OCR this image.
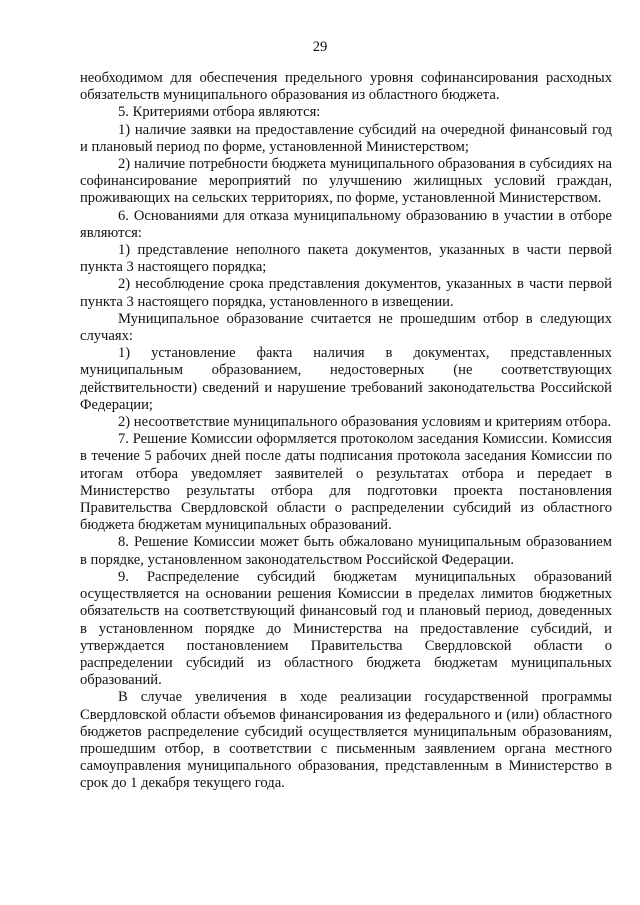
29

необходимом для обеспечения предельного уровня софинансирования расходных обязательств муниципального образования из областного бюджета.

5. Критериями отбора являются:

1) наличие заявки на предоставление субсидий на очередной финансовый год и плановый период по форме, установленной Министерством;

2) наличие потребности бюджета муниципального образования в субсидиях на софинансирование мероприятий по улучшению жилищных условий граждан, проживающих на сельских территориях, по форме, установленной Министерством.

6. Основаниями для отказа муниципальному образованию в участии в отборе являются:

1) представление неполного пакета документов, указанных в части первой пункта 3 настоящего порядка;

2) несоблюдение срока представления документов, указанных в части первой пункта 3 настоящего порядка, установленного в извещении.

Муниципальное образование считается не прошедшим отбор в следующих случаях:

1) установление факта наличия в документах, представленных муниципальным образованием, недостоверных (не соответствующих действительности) сведений и нарушение требований законодательства Российской Федерации;

2) несоответствие муниципального образования условиям и критериям отбора.

7. Решение Комиссии оформляется протоколом заседания Комиссии. Комиссия в течение 5 рабочих дней после даты подписания протокола заседания Комиссии по итогам отбора уведомляет заявителей о результатах отбора и передает в Министерство результаты отбора для подготовки проекта постановления Правительства Свердловской области о распределении субсидий из областного бюджета бюджетам муниципальных образований.

8. Решение Комиссии может быть обжаловано муниципальным образованием в порядке, установленном законодательством Российской Федерации.

9. Распределение субсидий бюджетам муниципальных образований осуществляется на основании решения Комиссии в пределах лимитов бюджетных обязательств на соответствующий финансовый год и плановый период, доведенных в установленном порядке до Министерства на предоставление субсидий, и утверждается постановлением Правительства Свердловской области о распределении субсидий из областного бюджета бюджетам муниципальных образований.

В случае увеличения в ходе реализации государственной программы Свердловской области объемов финансирования из федерального и (или) областного бюджетов распределение субсидий осуществляется муниципальным образованиям, прошедшим отбор, в соответствии с письменным заявлением органа местного самоуправления муниципального образования, представленным в Министерство в срок до 1 декабря текущего года.
